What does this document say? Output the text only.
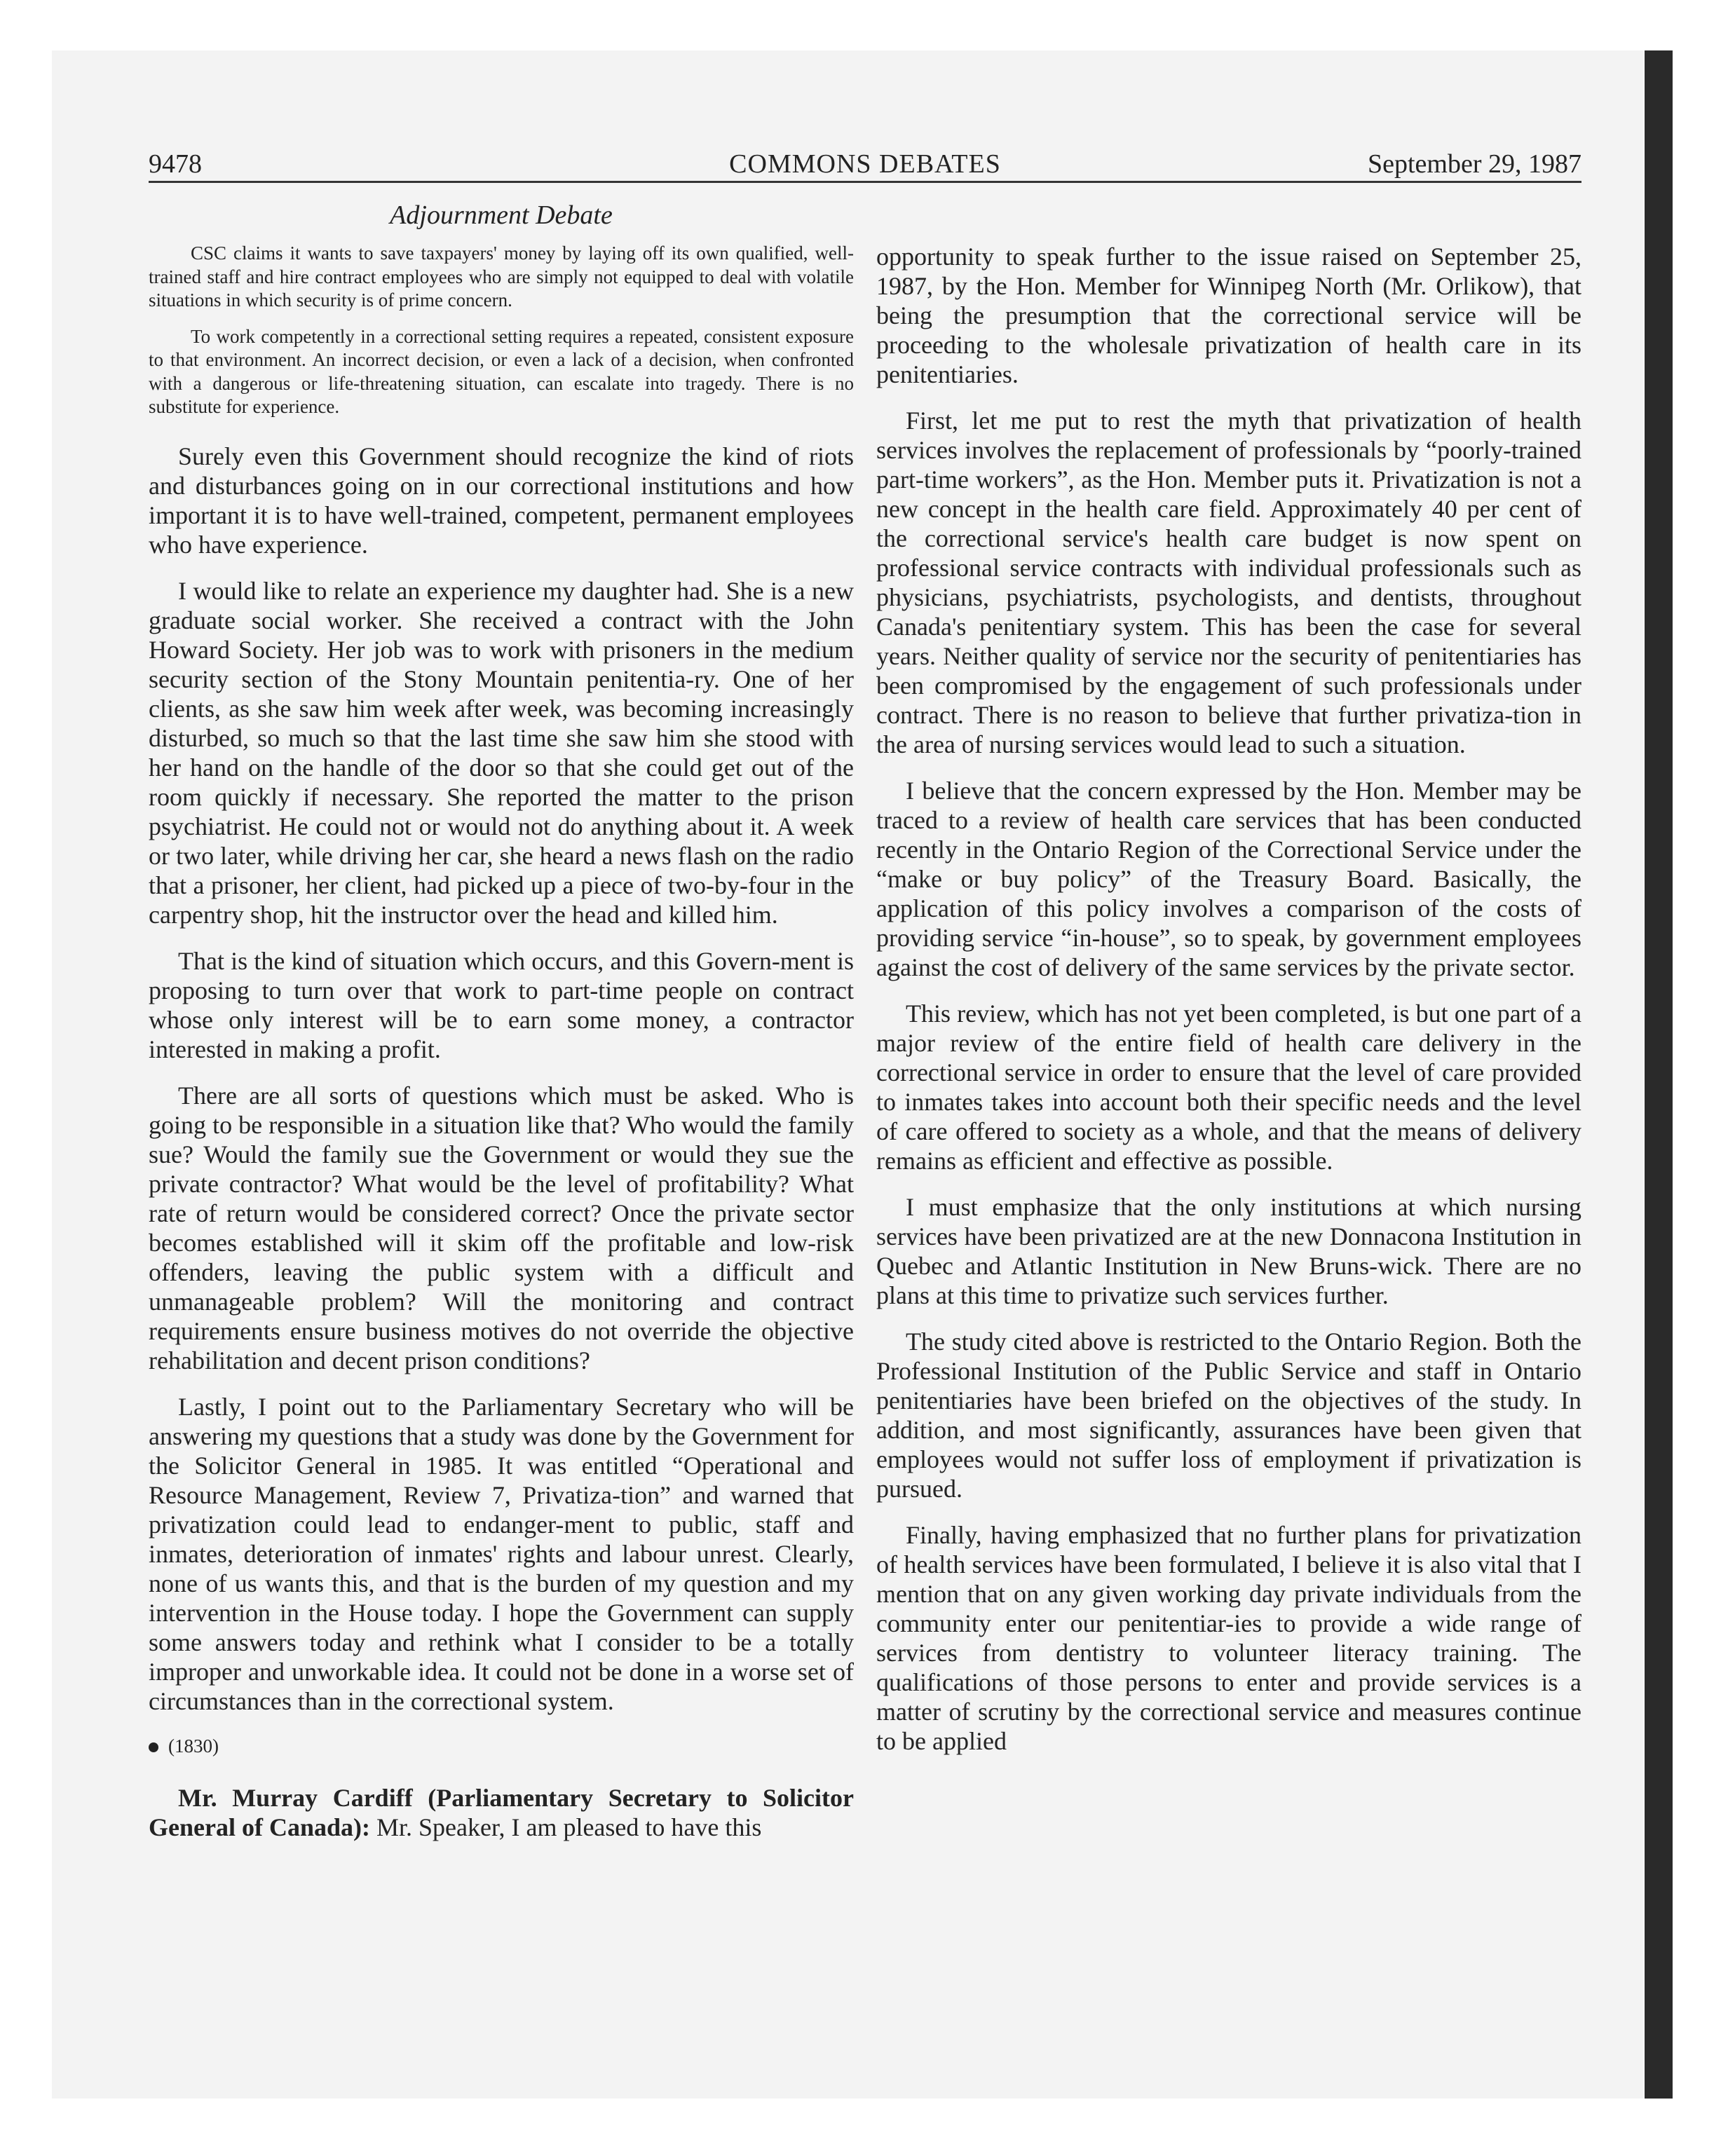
9478	COMMONS DEBATES	September 29, 1987
Adjournment Debate

CSC claims it wants to save taxpayers' money by laying off its own qualified, well-trained staff and hire contract employees who are simply not equipped to deal with volatile situations in which security is of prime concern.

To work competently in a correctional setting requires a repeated, consistent exposure to that environment. An incorrect decision, or even a lack of a decision, when confronted with a dangerous or life-threatening situation, can escalate into tragedy. There is no substitute for experience.

Surely even this Government should recognize the kind of riots and disturbances going on in our correctional institutions and how important it is to have well-trained, competent, permanent employees who have experience.

I would like to relate an experience my daughter had. She is a new graduate social worker. She received a contract with the John Howard Society. Her job was to work with prisoners in the medium security section of the Stony Mountain penitentia-ry. One of her clients, as she saw him week after week, was becoming increasingly disturbed, so much so that the last time she saw him she stood with her hand on the handle of the door so that she could get out of the room quickly if necessary. She reported the matter to the prison psychiatrist. He could not or would not do anything about it. A week or two later, while driving her car, she heard a news flash on the radio that a prisoner, her client, had picked up a piece of two-by-four in the carpentry shop, hit the instructor over the head and killed him.

That is the kind of situation which occurs, and this Govern-ment is proposing to turn over that work to part-time people on contract whose only interest will be to earn some money, a contractor interested in making a profit.

There are all sorts of questions which must be asked. Who is going to be responsible in a situation like that? Who would the family sue? Would the family sue the Government or would they sue the private contractor? What would be the level of profitability? What rate of return would be considered correct? Once the private sector becomes established will it skim off the profitable and low-risk offenders, leaving the public system with a difficult and unmanageable problem? Will the monitoring and contract requirements ensure business motives do not override the objective rehabilitation and decent prison conditions?

Lastly, I point out to the Parliamentary Secretary who will be answering my questions that a study was done by the Government for the Solicitor General in 1985. It was entitled “Operational and Resource Management, Review 7, Privatiza-tion” and warned that privatization could lead to endanger-ment to public, staff and inmates, deterioration of inmates' rights and labour unrest. Clearly, none of us wants this, and that is the burden of my question and my intervention in the House today. I hope the Government can supply some answers today and rethink what I consider to be a totally improper and unworkable idea. It could not be done in a worse set of circumstances than in the correctional system.

(1830)

Mr. Murray Cardiff (Parliamentary Secretary to Solicitor General of Canada): Mr. Speaker, I am pleased to have this

opportunity to speak further to the issue raised on September 25, 1987, by the Hon. Member for Winnipeg North (Mr. Orlikow), that being the presumption that the correctional service will be proceeding to the wholesale privatization of health care in its penitentiaries.

First, let me put to rest the myth that privatization of health services involves the replacement of professionals by “poorly-trained part-time workers”, as the Hon. Member puts it. Privatization is not a new concept in the health care field. Approximately 40 per cent of the correctional service's health care budget is now spent on professional service contracts with individual professionals such as physicians, psychiatrists, psychologists, and dentists, throughout Canada's penitentiary system. This has been the case for several years. Neither quality of service nor the security of penitentiaries has been compromised by the engagement of such professionals under contract. There is no reason to believe that further privatiza-tion in the area of nursing services would lead to such a situation.

I believe that the concern expressed by the Hon. Member may be traced to a review of health care services that has been conducted recently in the Ontario Region of the Correctional Service under the “make or buy policy” of the Treasury Board. Basically, the application of this policy involves a comparison of the costs of providing service “in-house”, so to speak, by government employees against the cost of delivery of the same services by the private sector.

This review, which has not yet been completed, is but one part of a major review of the entire field of health care delivery in the correctional service in order to ensure that the level of care provided to inmates takes into account both their specific needs and the level of care offered to society as a whole, and that the means of delivery remains as efficient and effective as possible.

I must emphasize that the only institutions at which nursing services have been privatized are at the new Donnacona Institution in Quebec and Atlantic Institution in New Bruns-wick. There are no plans at this time to privatize such services further.

The study cited above is restricted to the Ontario Region. Both the Professional Institution of the Public Service and staff in Ontario penitentiaries have been briefed on the objectives of the study. In addition, and most significantly, assurances have been given that employees would not suffer loss of employment if privatization is pursued.

Finally, having emphasized that no further plans for privatization of health services have been formulated, I believe it is also vital that I mention that on any given working day private individuals from the community enter our penitentiar-ies to provide a wide range of services from dentistry to volunteer literacy training. The qualifications of those persons to enter and provide services is a matter of scrutiny by the correctional service and measures continue to be applied
